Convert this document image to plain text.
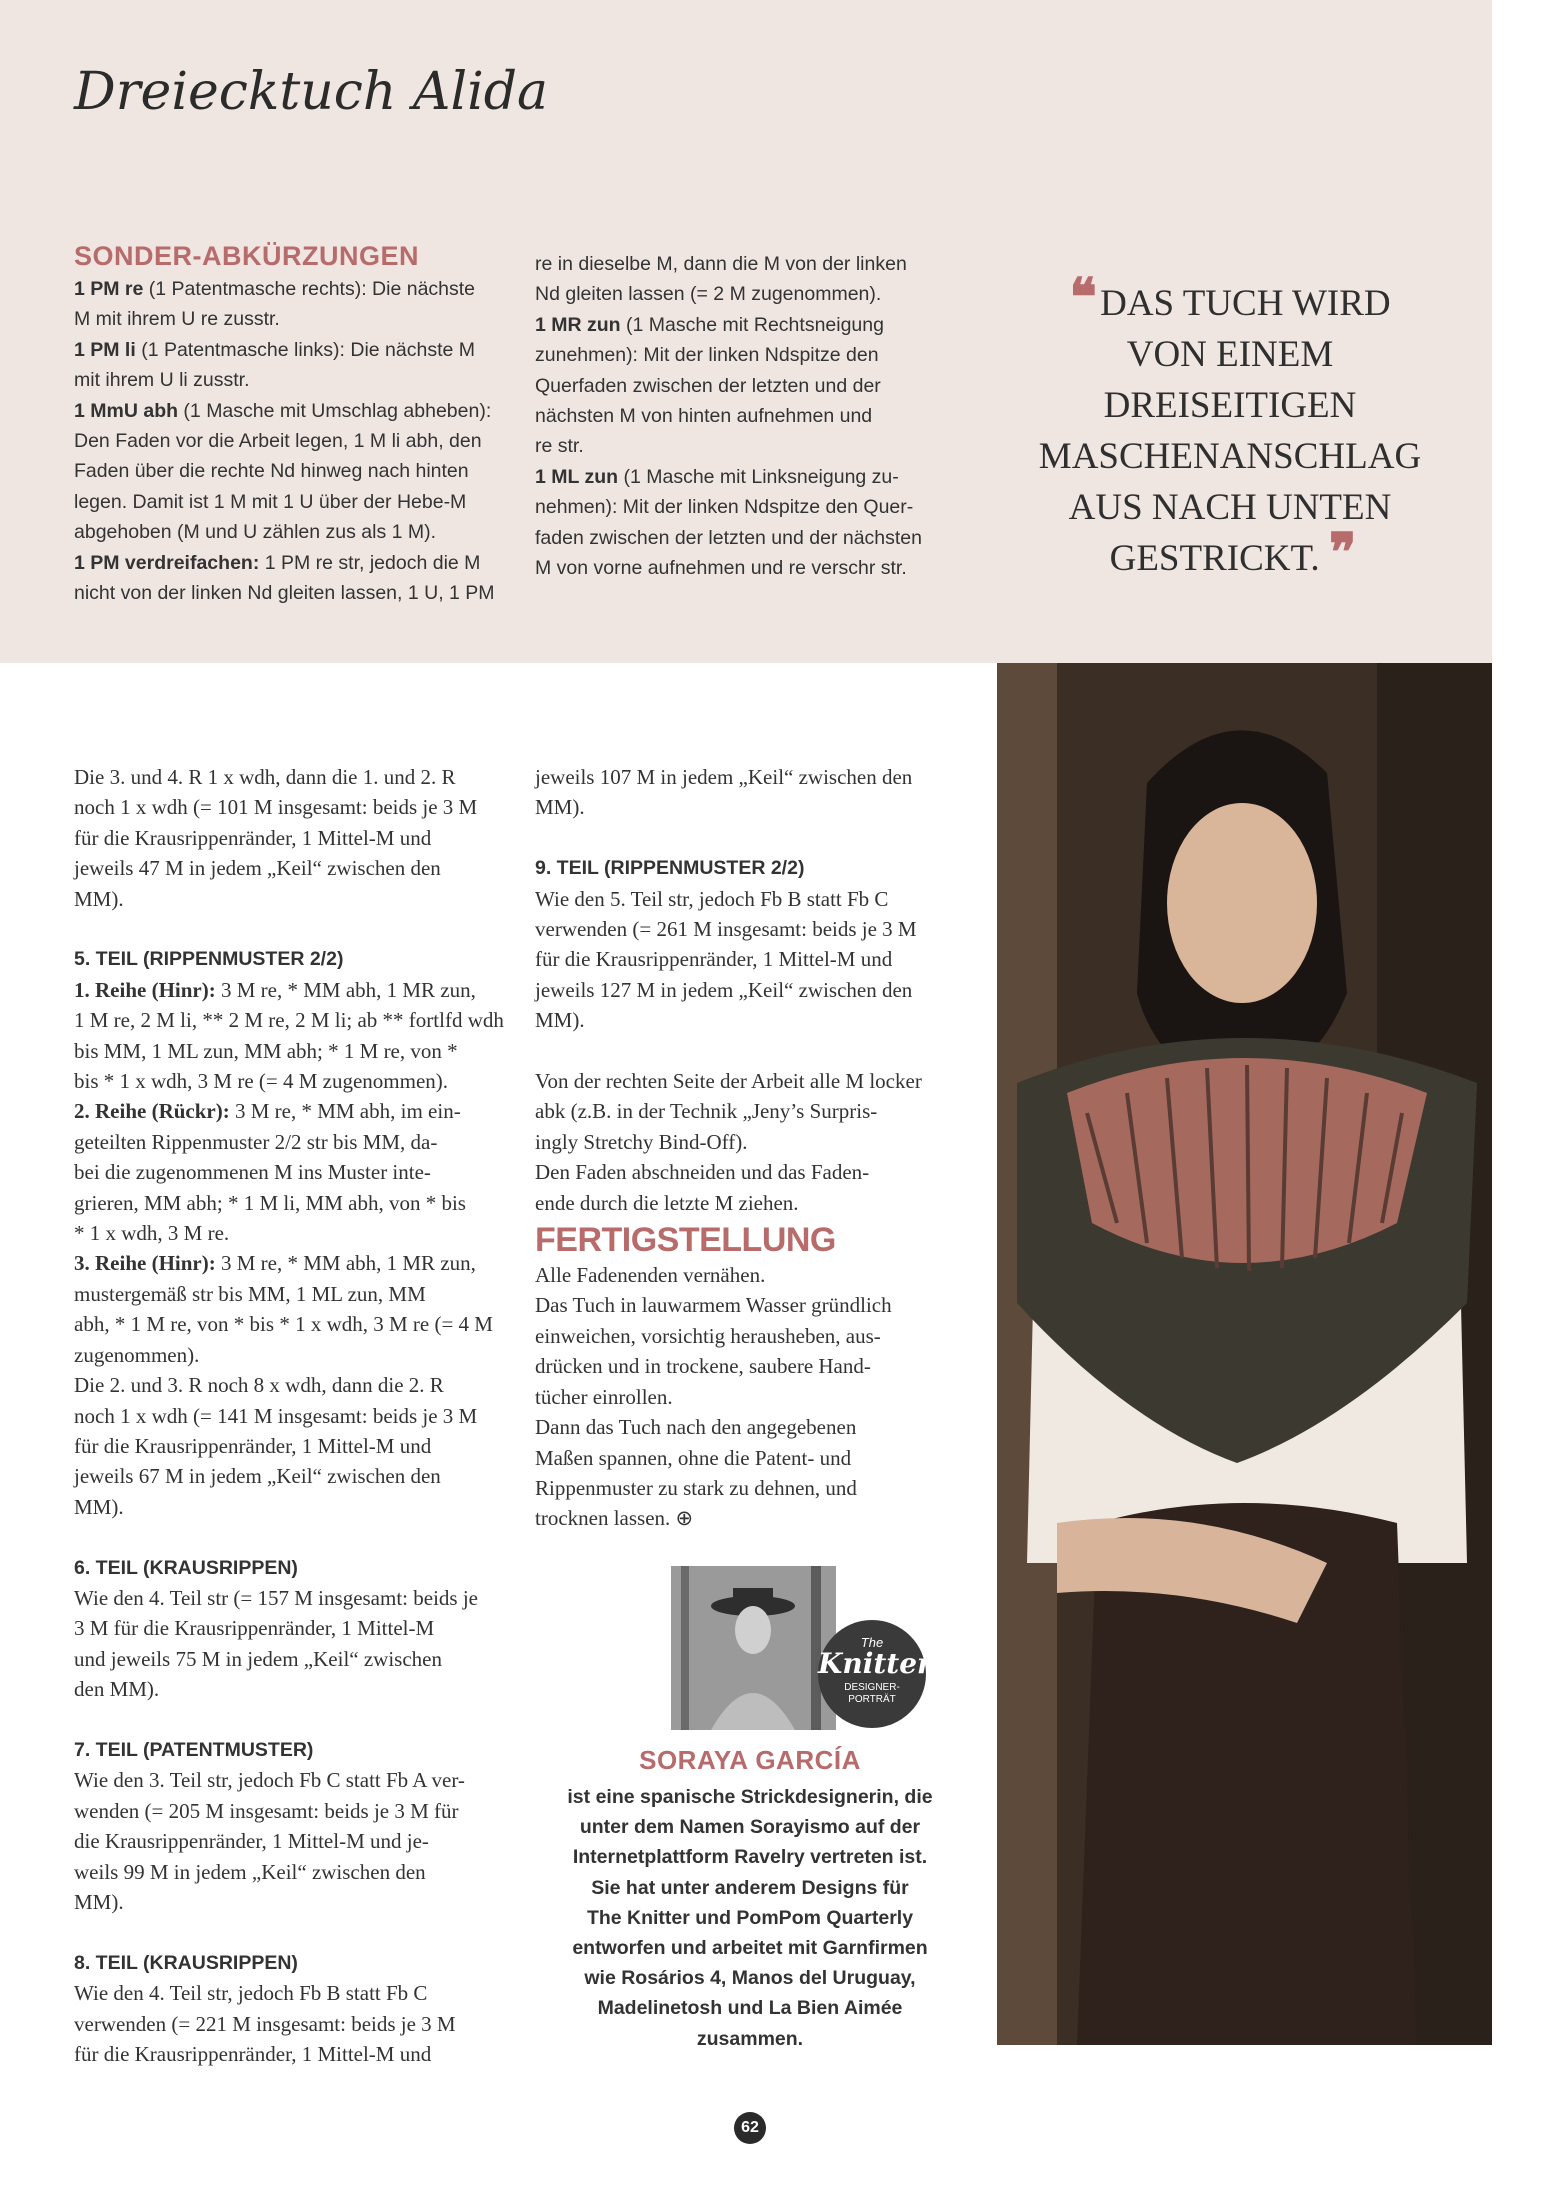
Dreiecktuch Alida
SONDER-ABKÜRZUNGEN

1 PM re (1 Patentmasche rechts): Die nächste

M mit ihrem U re zusstr.

1 PM li (1 Patentmasche links): Die nächste M

mit ihrem U li zusstr.

1 MmU abh (1 Masche mit Umschlag abheben):

Den Faden vor die Arbeit legen, 1 M li abh, den

Faden über die rechte Nd hinweg nach hinten

legen. Damit ist 1 M mit 1 U über der Hebe-M

abgehoben (M und U zählen zus als 1 M).

1 PM verdreifachen: 1 PM re str, jedoch die M

nicht von der linken Nd gleiten lassen, 1 U, 1 PM

re in dieselbe M, dann die M von der linken

Nd gleiten lassen (= 2 M zugenommen).

1 MR zun (1 Masche mit Rechtsneigung

zunehmen): Mit der linken Ndspitze den

Querfaden zwischen der letzten und der

nächsten M von hinten aufnehmen und

re str.

1 ML zun (1 Masche mit Linksneigung zu-

nehmen): Mit der linken Ndspitze den Quer-

faden zwischen der letzten und der nächsten

M von vorne aufnehmen und re verschr str.

❛❛ DAS TUCH WIRD
VON EINEM
DREISEITIGEN
MASCHENANSCHLAG
AUS NACH UNTEN
GESTRICKT. ❜❜

Die 3. und 4. R 1 x wdh, dann die 1. und 2. R

noch 1 x wdh (= 101 M insgesamt: beids je 3 M

für die Krausrippenränder, 1 Mittel-M und

jeweils 47 M in jedem „Keil“ zwischen den

MM).

5. TEIL (RIPPENMUSTER 2/2)

1. Reihe (Hinr): 3 M re, * MM abh, 1 MR zun,

1 M re, 2 M li, ** 2 M re, 2 M li; ab ** fortlfd wdh

bis MM, 1 ML zun, MM abh; * 1 M re, von *

bis * 1 x wdh, 3 M re (= 4 M zugenommen).

2. Reihe (Rückr): 3 M re, * MM abh, im ein-

geteilten Rippenmuster 2/2 str bis MM, da-

bei die zugenommenen M ins Muster inte-

grieren, MM abh; * 1 M li, MM abh, von * bis

* 1 x wdh, 3 M re.

3. Reihe (Hinr): 3 M re, * MM abh, 1 MR zun,

mustergemäß str bis MM, 1 ML zun, MM

abh, * 1 M re, von * bis * 1 x wdh, 3 M re (= 4 M

zugenommen).

Die 2. und 3. R noch 8 x wdh, dann die 2. R

noch 1 x wdh (= 141 M insgesamt: beids je 3 M

für die Krausrippenränder, 1 Mittel-M und

jeweils 67 M in jedem „Keil“ zwischen den

MM).

6. TEIL (KRAUSRIPPEN)

Wie den 4. Teil str (= 157 M insgesamt: beids je

3 M für die Krausrippenränder, 1 Mittel-M

und jeweils 75 M in jedem „Keil“ zwischen

den MM).

7. TEIL (PATENTMUSTER)

Wie den 3. Teil str, jedoch Fb C statt Fb A ver-

wenden (= 205 M insgesamt: beids je 3 M für

die Krausrippenränder, 1 Mittel-M und je-

weils 99 M in jedem „Keil“ zwischen den

MM).

8. TEIL (KRAUSRIPPEN)

Wie den 4. Teil str, jedoch Fb B statt Fb C

verwenden (= 221 M insgesamt: beids je 3 M

für die Krausrippenränder, 1 Mittel-M und

jeweils 107 M in jedem „Keil“ zwischen den

MM).

9. TEIL (RIPPENMUSTER 2/2)

Wie den 5. Teil str, jedoch Fb B statt Fb C

verwenden (= 261 M insgesamt: beids je 3 M

für die Krausrippenränder, 1 Mittel-M und

jeweils 127 M in jedem „Keil“ zwischen den

MM).

Von der rechten Seite der Arbeit alle M locker

abk (z.B. in der Technik „Jeny’s Surpris-

ingly Stretchy Bind-Off).

Den Faden abschneiden und das Faden-

ende durch die letzte M ziehen.

FERTIGSTELLUNG

Alle Fadenenden vernähen.

Das Tuch in lauwarmem Wasser gründlich

einweichen, vorsichtig herausheben, aus-

drücken und in trockene, saubere Hand-

tücher einrollen.

Dann das Tuch nach den angegebenen

Maßen spannen, ohne die Patent- und

Rippenmuster zu stark zu dehnen, und

trocknen lassen. ⊕

The
Knitter
DESIGNER-
PORTRÄT
SORAYA GARCÍA
ist eine spanische Strickdesignerin, die
unter dem Namen Sorayismo auf der
Internetplattform Ravelry vertreten ist.
Sie hat unter anderem Designs für
The Knitter und PomPom Quarterly
entworfen und arbeitet mit Garnfirmen
wie Rosários 4, Manos del Uruguay,
Madelinetosh und La Bien Aimée
zusammen.
62
